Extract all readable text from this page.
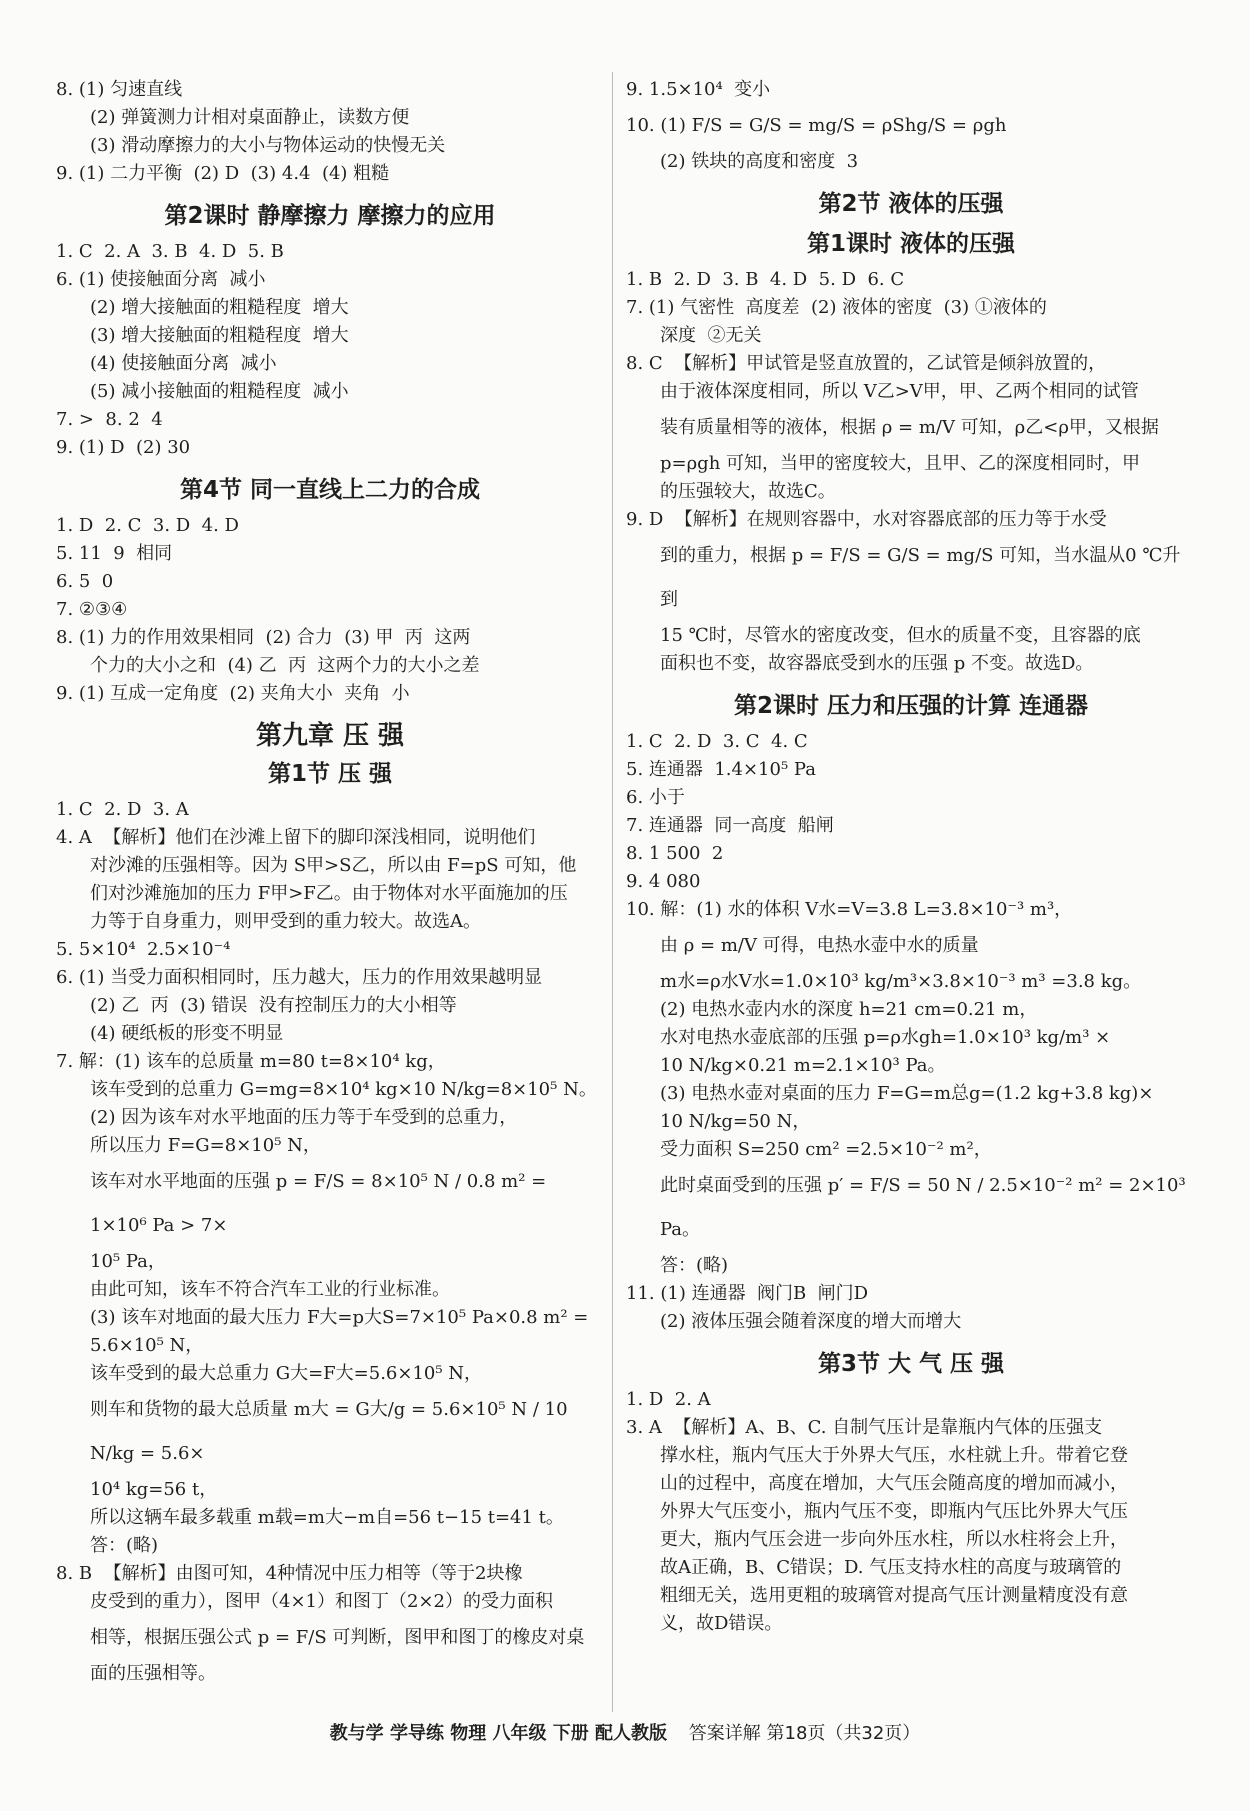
8. (1) 匀速直线

(2) 弹簧测力计相对桌面静止，读数方便

(3) 滑动摩擦力的大小与物体运动的快慢无关

9. (1) 二力平衡  (2) D  (3) 4.4  (4) 粗糙

第2课时 静摩擦力 摩擦力的应用

1. C  2. A  3. B  4. D  5. B

6. (1) 使接触面分离  减小

(2) 增大接触面的粗糙程度  增大

(3) 增大接触面的粗糙程度  增大

(4) 使接触面分离  减小

(5) 减小接触面的粗糙程度  减小

7. >  8. 2  4

9. (1) D  (2) 30

第4节 同一直线上二力的合成

1. D  2. C  3. D  4. D

5. 11  9  相同

6. 5  0

7. ②③④

8. (1) 力的作用效果相同  (2) 合力  (3) 甲  丙  这两

个力的大小之和  (4) 乙  丙  这两个力的大小之差

9. (1) 互成一定角度  (2) 夹角大小  夹角  小

第九章 压 强
第1节 压 强

1. C  2. D  3. A

4. A  【解析】他们在沙滩上留下的脚印深浅相同，说明他们

对沙滩的压强相等。因为 S甲>S乙，所以由 F=pS 可知，他

们对沙滩施加的压力 F甲>F乙。由于物体对水平面施加的压

力等于自身重力，则甲受到的重力较大。故选A。

5. 5×10⁴  2.5×10⁻⁴

6. (1) 当受力面积相同时，压力越大，压力的作用效果越明显

(2) 乙  丙  (3) 错误  没有控制压力的大小相等

(4) 硬纸板的形变不明显

7. 解：(1) 该车的总质量 m=80 t=8×10⁴ kg，

该车受到的总重力 G=mg=8×10⁴ kg×10 N/kg=8×10⁵ N。

(2) 因为该车对水平地面的压力等于车受到的总重力，

所以压力 F=G=8×10⁵ N，

该车对水平地面的压强 p = F/S = 8×10⁵ N / 0.8 m² = 1×10⁶ Pa > 7×

10⁵ Pa，

由此可知，该车不符合汽车工业的行业标准。

(3) 该车对地面的最大压力 F大=p大S=7×10⁵ Pa×0.8 m² =

5.6×10⁵ N，

该车受到的最大总重力 G大=F大=5.6×10⁵ N，

则车和货物的最大总质量 m大 = G大/g = 5.6×10⁵ N / 10 N/kg = 5.6×

10⁴ kg=56 t，

所以这辆车最多载重 m载=m大−m自=56 t−15 t=41 t。

答：(略)

8. B  【解析】由图可知，4种情况中压力相等（等于2块橡

皮受到的重力），图甲（4×1）和图丁（2×2）的受力面积

相等，根据压强公式 p = F/S 可判断，图甲和图丁的橡皮对桌

面的压强相等。

9. 1.5×10⁴  变小

10. (1) F/S = G/S = mg/S = ρShg/S = ρgh

(2) 铁块的高度和密度  3

第2节 液体的压强
第1课时 液体的压强

1. B  2. D  3. B  4. D  5. D  6. C

7. (1) 气密性  高度差  (2) 液体的密度  (3) ①液体的

深度  ②无关

8. C  【解析】甲试管是竖直放置的，乙试管是倾斜放置的，

由于液体深度相同，所以 V乙>V甲，甲、乙两个相同的试管

装有质量相等的液体，根据 ρ = m/V 可知，ρ乙<ρ甲，又根据

p=ρgh 可知，当甲的密度较大，且甲、乙的深度相同时，甲

的压强较大，故选C。

9. D  【解析】在规则容器中，水对容器底部的压力等于水受

到的重力，根据 p = F/S = G/S = mg/S 可知，当水温从0 ℃升到

15 ℃时，尽管水的密度改变，但水的质量不变，且容器的底

面积也不变，故容器底受到水的压强 p 不变。故选D。

第2课时 压力和压强的计算 连通器

1. C  2. D  3. C  4. C

5. 连通器  1.4×10⁵ Pa

6. 小于

7. 连通器  同一高度  船闸

8. 1 500  2

9. 4 080

10. 解：(1) 水的体积 V水=V=3.8 L=3.8×10⁻³ m³，

由 ρ = m/V 可得，电热水壶中水的质量

m水=ρ水V水=1.0×10³ kg/m³×3.8×10⁻³ m³ =3.8 kg。

(2) 电热水壶内水的深度 h=21 cm=0.21 m，

水对电热水壶底部的压强 p=ρ水gh=1.0×10³ kg/m³ ×

10 N/kg×0.21 m=2.1×10³ Pa。

(3) 电热水壶对桌面的压力 F=G=m总g=(1.2 kg+3.8 kg)×

10 N/kg=50 N，

受力面积 S=250 cm² =2.5×10⁻² m²，

此时桌面受到的压强 p′ = F/S = 50 N / 2.5×10⁻² m² = 2×10³ Pa。

答：(略)

11. (1) 连通器  阀门B  闸门D

(2) 液体压强会随着深度的增大而增大

第3节 大 气 压 强

1. D  2. A

3. A  【解析】A、B、C. 自制气压计是靠瓶内气体的压强支

撑水柱，瓶内气压大于外界大气压，水柱就上升。带着它登

山的过程中，高度在增加，大气压会随高度的增加而减小，

外界大气压变小，瓶内气压不变，即瓶内气压比外界大气压

更大，瓶内气压会进一步向外压水柱，所以水柱将会上升，

故A正确，B、C错误；D. 气压支持水柱的高度与玻璃管的

粗细无关，选用更粗的玻璃管对提高气压计测量精度没有意

义，故D错误。

教与学 学导练 物理 八年级 下册 配人教版 答案详解 第18页（共32页）
